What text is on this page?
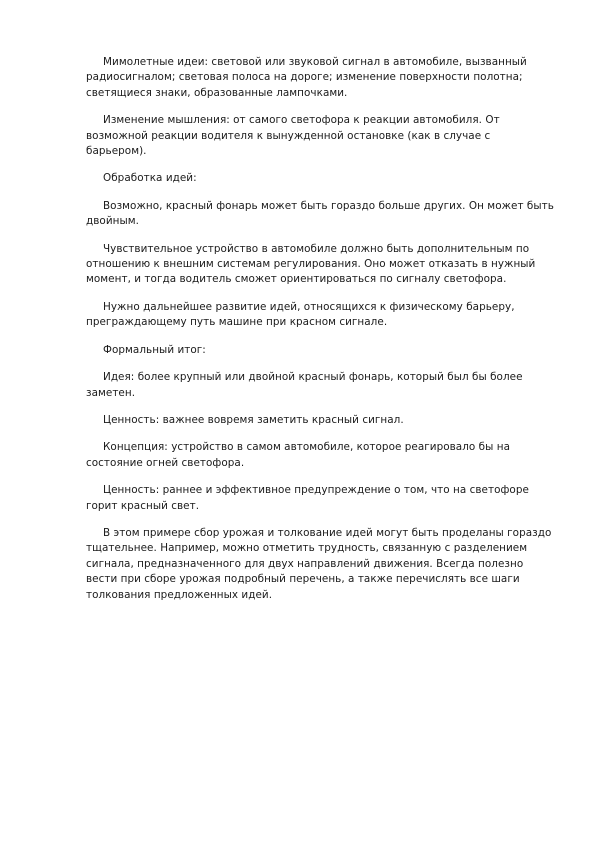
Мимолетные идеи: световой или звуковой сигнал в автомобиле, вызванный радиосигналом; световая полоса на дороге; изменение поверхности полотна; светящиеся знаки, образованные лампочками.

Изменение мышления: от самого светофора к реакции автомобиля. От возможной реакции водителя к вынужденной остановке (как в случае с барьером).

Обработка идей:

Возможно, красный фонарь может быть гораздо больше других. Он может быть двойным.

Чувствительное устройство в автомобиле должно быть дополнительным по отношению к внешним системам регулирования. Оно может отказать в нужный момент, и тогда водитель сможет ориентироваться по сигналу светофора.

Нужно дальнейшее развитие идей, относящихся к физическому барьеру, преграждающему путь машине при красном сигнале.

Формальный итог:

Идея: более крупный или двойной красный фонарь, который был бы более заметен.

Ценность: важнее вовремя заметить красный сигнал.

Концепция: устройство в самом автомобиле, которое реагировало бы на состояние огней светофора.

Ценность: раннее и эффективное предупреждение о том, что на светофоре горит красный свет.

В этом примере сбор урожая и толкование идей могут быть проделаны гораздо тщательнее. Например, можно отметить трудность, связанную с разделением сигнала, предназначенного для двух направлений движения. Всегда полезно вести при сборе урожая подробный перечень, а также перечислять все шаги толкования предложенных идей.
